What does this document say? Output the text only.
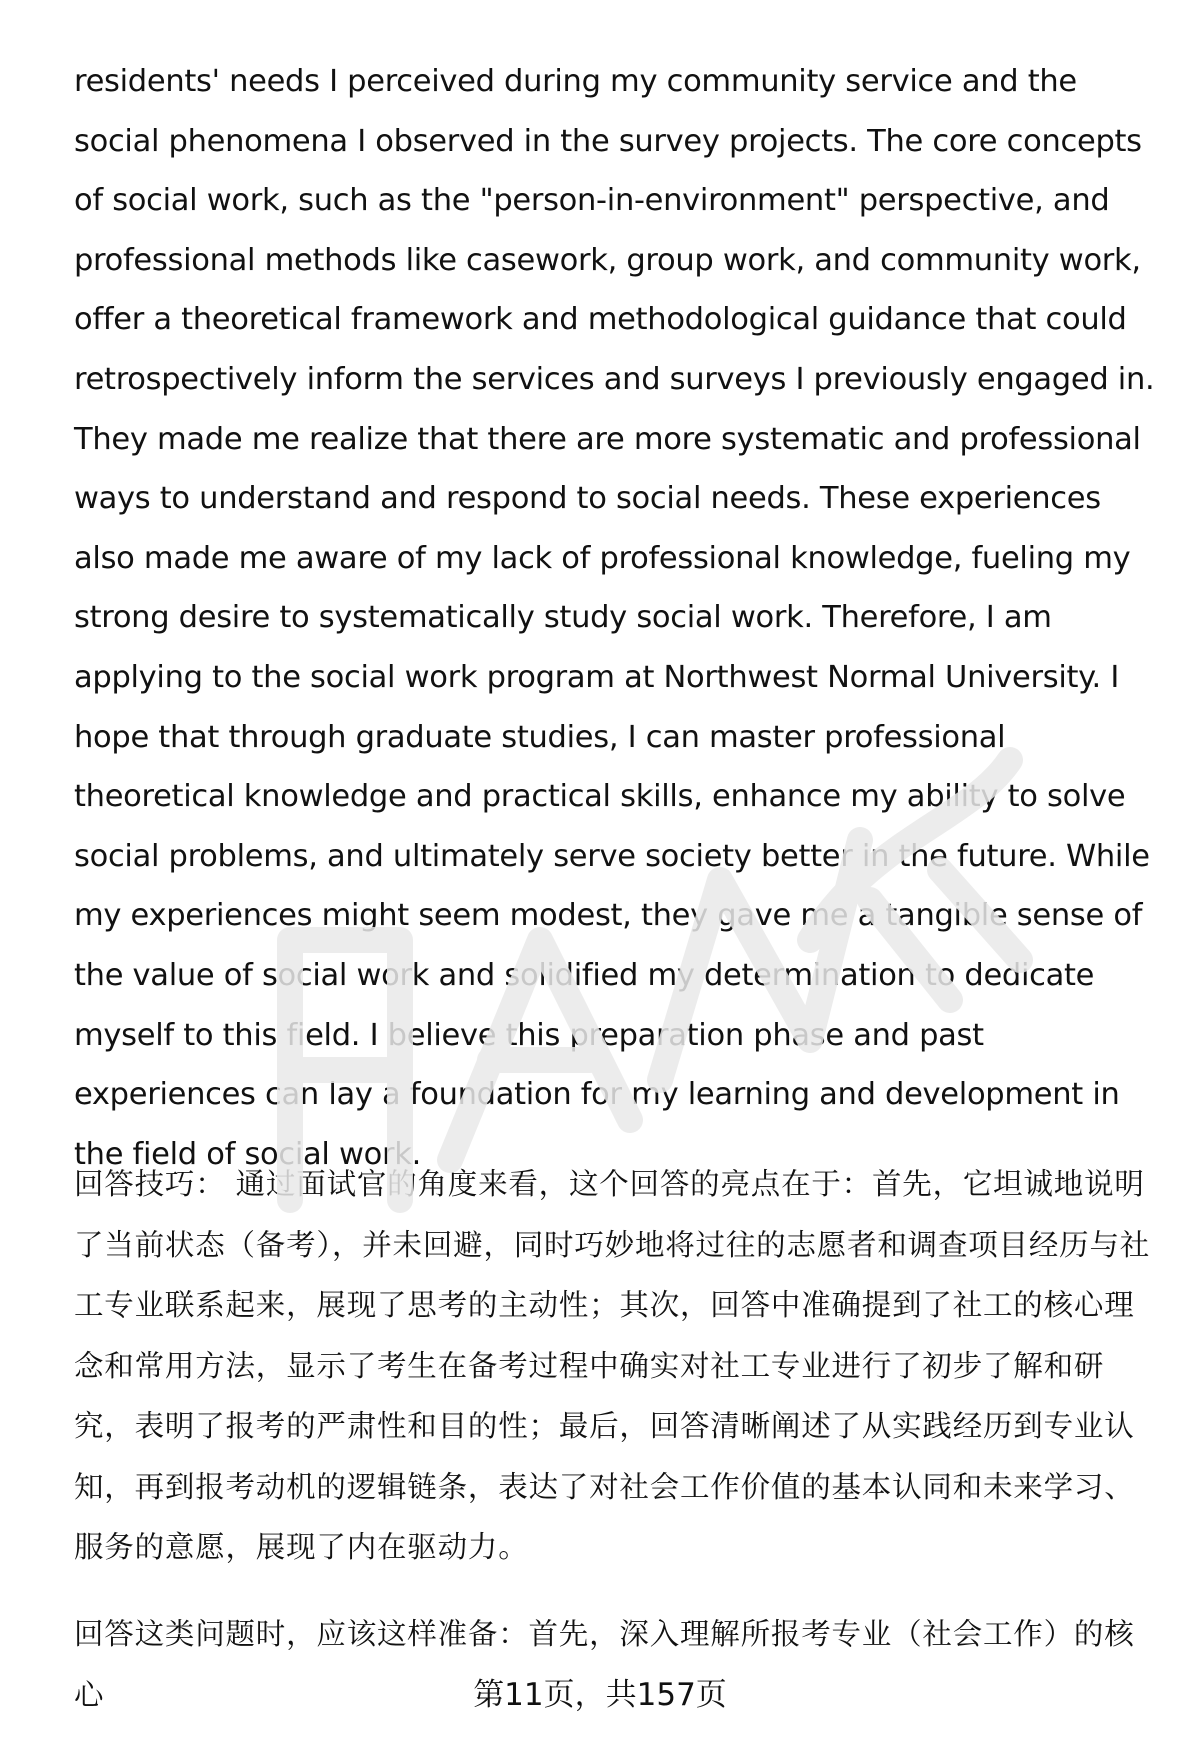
residents' needs I perceived during my community service and the social phenomena I observed in the survey projects. The core concepts of social work, such as the "person-in-environment" perspective, and professional methods like casework, group work, and community work, offer a theoretical framework and methodological guidance that could retrospectively inform the services and surveys I previously engaged in. They made me realize that there are more systematic and professional ways to understand and respond to social needs. These experiences also made me aware of my lack of professional knowledge, fueling my strong desire to systematically study social work. Therefore, I am applying to the social work program at Northwest Normal University. I hope that through graduate studies, I can master professional theoretical knowledge and practical skills, enhance my ability to solve social problems, and ultimately serve society better in the future. While my experiences might seem modest, they gave me a tangible sense of the value of social work and solidified my determination to dedicate myself to this field. I believe this preparation phase and past experiences can lay a foundation for my learning and development in the field of social work.

回答技巧： 通过面试官的角度来看，这个回答的亮点在于：首先，它坦诚地说明了当前状态（备考），并未回避，同时巧妙地将过往的志愿者和调查项目经历与社工专业联系起来，展现了思考的主动性；其次，回答中准确提到了社工的核心理念和常用方法，显示了考生在备考过程中确实对社工专业进行了初步了解和研究，表明了报考的严肃性和目的性；最后，回答清晰阐述了从实践经历到专业认知，再到报考动机的逻辑链条，表达了对社会工作价值的基本认同和未来学习、服务的意愿，展现了内在驱动力。

回答这类问题时，应该这样准备：首先，深入理解所报考专业（社会工作）的核心	第11页，共157页
